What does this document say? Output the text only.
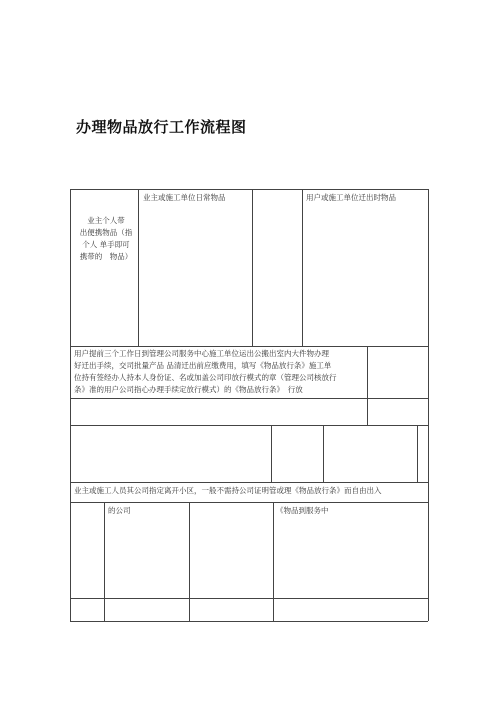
办理物品放行工作流程图
业主个人带
出便携物品（指
个人 单手即可
携带的　物品）
业主或施工单位日常物品	用户或施工单位迁出时物品
用户提前三个工作日到管理公司服务中心施工单位运出公搬出室内大件物办理
好迁出手续，交司批量产品 品清迁出前应缴费用，填写《物品放行条》施工单
位持有签经办人持本人身份证、名或加盖公司印放行模式的章（管理公司核放行
条》准的用户公司指心办理手续定放行模式）的《物品放行条》　行放
业主或施工人员其公司指定离开小区，一般不需持公司证明管或理《物品放行条》而自由出入
的公司	《物品到服务中
